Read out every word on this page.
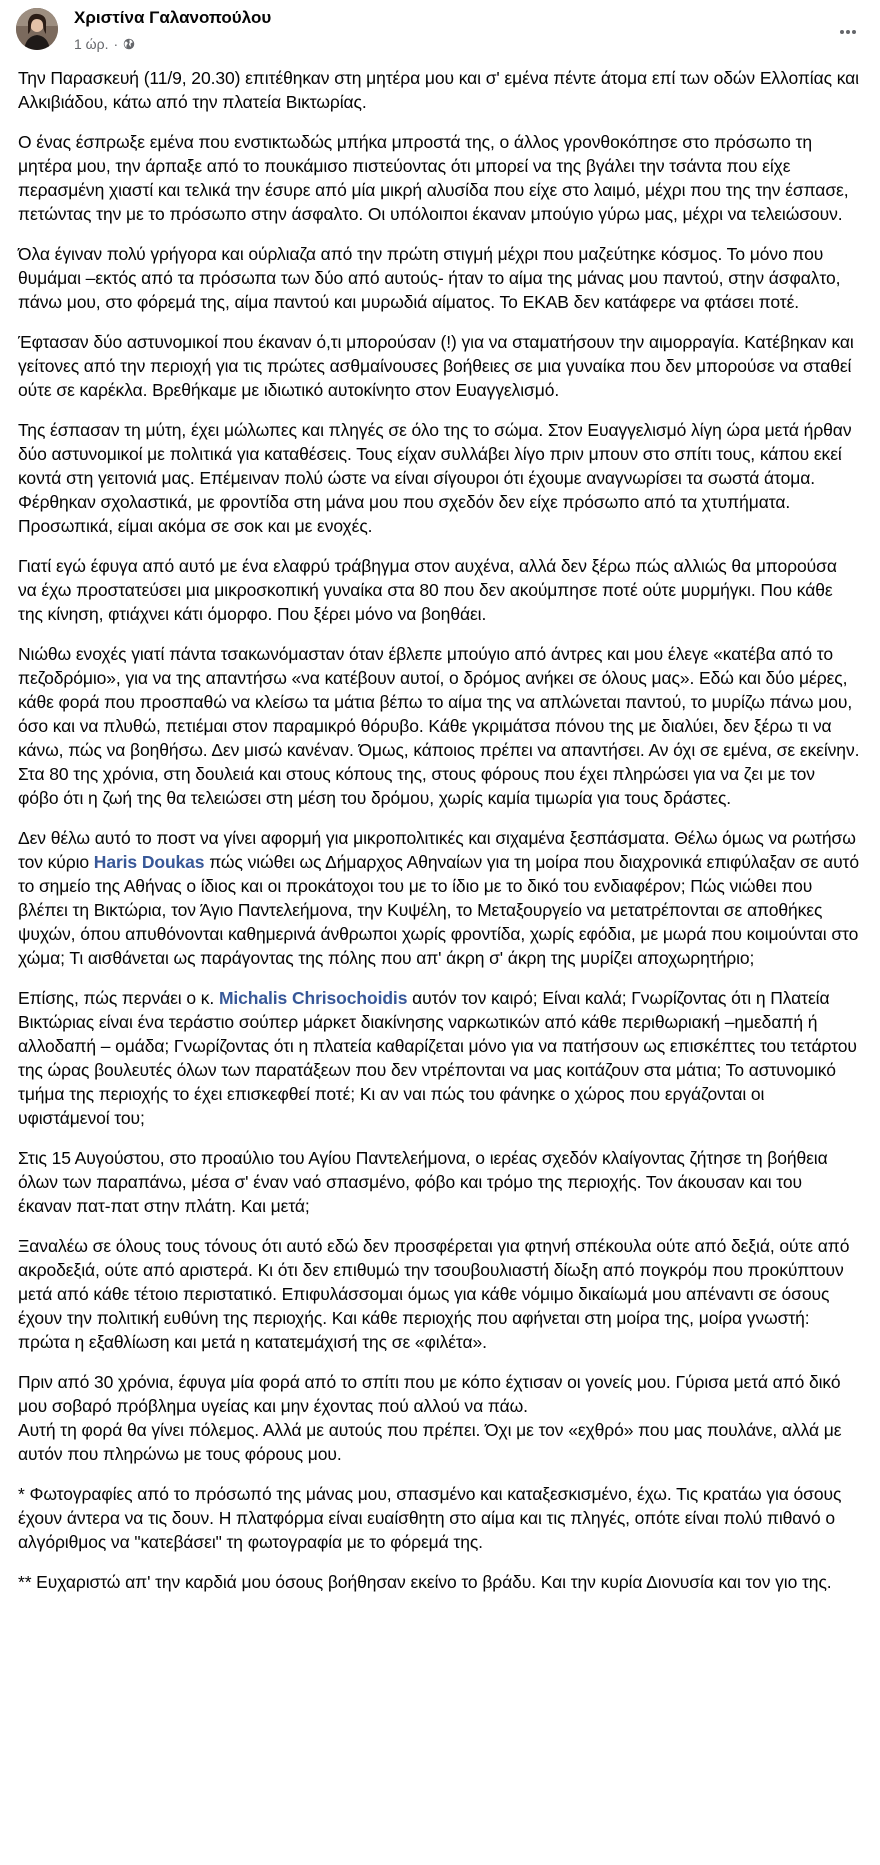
Χριστίνα Γαλανοπούλου
1 ώρ. ·

Την Παρασκευή (11/9, 20.30) επιτέθηκαν στη μητέρα μου και σ' εμένα πέντε άτομα επί των οδών Ελλοπίας και Αλκιβιάδου, κάτω από την πλατεία Βικτωρίας.

Ο ένας έσπρωξε εμένα που ενστικτωδώς μπήκα μπροστά της, ο άλλος γρονθοκόπησε στο πρόσωπο τη μητέρα μου, την άρπαξε από το πουκάμισο πιστεύοντας ότι μπορεί να της βγάλει την τσάντα που είχε περασμένη χιαστί και τελικά την έσυρε από μία μικρή αλυσίδα που είχε στο λαιμό, μέχρι που της την έσπασε, πετώντας την με το πρόσωπο στην άσφαλτο. Οι υπόλοιποι έκαναν μπούγιο γύρω μας, μέχρι να τελειώσουν.

Όλα έγιναν πολύ γρήγορα και ούρλιαζα από την πρώτη στιγμή μέχρι που μαζεύτηκε κόσμος. Το μόνο που θυμάμαι –εκτός από τα πρόσωπα των δύο από αυτούς- ήταν το αίμα της μάνας μου παντού, στην άσφαλτο, πάνω μου, στο φόρεμά της, αίμα παντού και μυρωδιά αίματος. Το ΕΚΑΒ δεν κατάφερε να φτάσει ποτέ.

Έφτασαν δύο αστυνομικοί που έκαναν ό,τι μπορούσαν (!) για να σταματήσουν την αιμορραγία. Κατέβηκαν και γείτονες από την περιοχή για τις πρώτες ασθμαίνουσες βοήθειες σε μια γυναίκα που δεν μπορούσε να σταθεί ούτε σε καρέκλα. Βρεθήκαμε με ιδιωτικό αυτοκίνητο στον Ευαγγελισμό.

Της έσπασαν τη μύτη, έχει μώλωπες και πληγές σε όλο της το σώμα. Στον Ευαγγελισμό λίγη ώρα μετά ήρθαν δύο αστυνομικοί με πολιτικά για καταθέσεις. Τους είχαν συλλάβει λίγο πριν μπουν στο σπίτι τους, κάπου εκεί κοντά στη γειτονιά μας. Επέμειναν πολύ ώστε να είναι σίγουροι ότι έχουμε αναγνωρίσει τα σωστά άτομα. Φέρθηκαν σχολαστικά, με φροντίδα στη μάνα μου που σχεδόν δεν είχε πρόσωπο από τα χτυπήματα. Προσωπικά, είμαι ακόμα σε σοκ και με ενοχές.

Γιατί εγώ έφυγα από αυτό με ένα ελαφρύ τράβηγμα στον αυχένα, αλλά δεν ξέρω πώς αλλιώς θα μπορούσα να έχω προστατεύσει μια μικροσκοπική γυναίκα στα 80 που δεν ακούμπησε ποτέ ούτε μυρμήγκι. Που κάθε της κίνηση, φτιάχνει κάτι όμορφο. Που ξέρει μόνο να βοηθάει.

Νιώθω ενοχές γιατί πάντα τσακωνόμασταν όταν έβλεπε μπούγιο από άντρες και μου έλεγε «κατέβα από το πεζοδρόμιο», για να της απαντήσω «να κατέβουν αυτοί, ο δρόμος ανήκει σε όλους μας». Εδώ και δύο μέρες, κάθε φορά που προσπαθώ να κλείσω τα μάτια βέπω το αίμα της να απλώνεται παντού, το μυρίζω πάνω μου, όσο και να πλυθώ, πετιέμαι στον παραμικρό θόρυβο. Κάθε γκριμάτσα πόνου της με διαλύει, δεν ξέρω τι να κάνω, πώς να βοηθήσω. Δεν μισώ κανέναν. Όμως, κάποιος πρέπει να απαντήσει. Αν όχι σε εμένα, σε εκείνην. Στα 80 της χρόνια, στη δουλειά και στους κόπους της, στους φόρους που έχει πληρώσει για να ζει με τον φόβο ότι η ζωή της θα τελειώσει στη μέση του δρόμου, χωρίς καμία τιμωρία για τους δράστες.

Δεν θέλω αυτό το ποστ να γίνει αφορμή για μικροπολιτικές και σιχαμένα ξεσπάσματα. Θέλω όμως να ρωτήσω τον κύριο Haris Doukas πώς νιώθει ως Δήμαρχος Αθηναίων για τη μοίρα που διαχρονικά επιφύλαξαν σε αυτό το σημείο της Αθήνας ο ίδιος και οι προκάτοχοι του με το ίδιο με το δικό του ενδιαφέρον; Πώς νιώθει που βλέπει τη Βικτώρια, τον Άγιο Παντελεήμονα, την Κυψέλη, το Μεταξουργείο να μετατρέπονται σε αποθήκες ψυχών, όπου απυθόνονται καθημερινά άνθρωποι χωρίς φροντίδα, χωρίς εφόδια, με μωρά που κοιμούνται στο χώμα; Τι αισθάνεται ως παράγοντας της πόλης που απ' άκρη σ' άκρη της μυρίζει αποχωρητήριο;

Επίσης, πώς περνάει ο κ. Michalis Chrisochoidis αυτόν τον καιρό; Είναι καλά; Γνωρίζοντας ότι η Πλατεία Βικτώριας είναι ένα τεράστιο σούπερ μάρκετ διακίνησης ναρκωτικών από κάθε περιθωριακή –ημεδαπή ή αλλοδαπή – ομάδα; Γνωρίζοντας ότι η πλατεία καθαρίζεται μόνο για να πατήσουν ως επισκέπτες του τετάρτου της ώρας βουλευτές όλων των παρατάξεων που δεν ντρέπονται να μας κοιτάζουν στα μάτια; Το αστυνομικό τμήμα της περιοχής το έχει επισκεφθεί ποτέ; Κι αν ναι πώς του φάνηκε ο χώρος που εργάζονται οι υφιστάμενοί του;

Στις 15 Αυγούστου, στο προαύλιο του Αγίου Παντελεήμονα, ο ιερέας σχεδόν κλαίγοντας ζήτησε τη βοήθεια όλων των παραπάνω, μέσα σ' έναν ναό σπασμένο, φόβο και τρόμο της περιοχής. Τον άκουσαν και του έκαναν πατ-πατ στην πλάτη. Και μετά;

Ξαναλέω σε όλους τους τόνους ότι αυτό εδώ δεν προσφέρεται για φτηνή σπέκουλα ούτε από δεξιά, ούτε από ακροδεξιά, ούτε από αριστερά. Κι ότι δεν επιθυμώ την τσουβουλιαστή δίωξη από πογκρόμ που προκύπτουν μετά από κάθε τέτοιο περιστατικό. Επιφυλάσσομαι όμως για κάθε νόμιμο δικαίωμά μου απέναντι σε όσους έχουν την πολιτική ευθύνη της περιοχής. Και κάθε περιοχής που αφήνεται στη μοίρα της, μοίρα γνωστή: πρώτα η εξαθλίωση και μετά η κατατεμάχισή της σε «φιλέτα».

Πριν από 30 χρόνια, έφυγα μία φορά από το σπίτι που με κόπο έχτισαν οι γονείς μου. Γύρισα μετά από δικό μου σοβαρό πρόβλημα υγείας και μην έχοντας πού αλλού να πάω.
Αυτή τη φορά θα γίνει πόλεμος. Αλλά με αυτούς που πρέπει. Όχι με τον «εχθρό» που μας πουλάνε, αλλά με αυτόν που πληρώνω με τους φόρους μου.

* Φωτογραφίες από το πρόσωπό της μάνας μου, σπασμένο και καταξεσκισμένο, έχω. Τις κρατάω για όσους έχουν άντερα να τις δουν. Η πλατφόρμα είναι ευαίσθητη στο αίμα και τις πληγές, οπότε είναι πολύ πιθανό ο αλγόριθμος να "κατεβάσει" τη φωτογραφία με το φόρεμά της.

** Ευχαριστώ απ' την καρδιά μου όσους βοήθησαν εκείνο το βράδυ. Και την κυρία Διονυσία και τον γιο της.
